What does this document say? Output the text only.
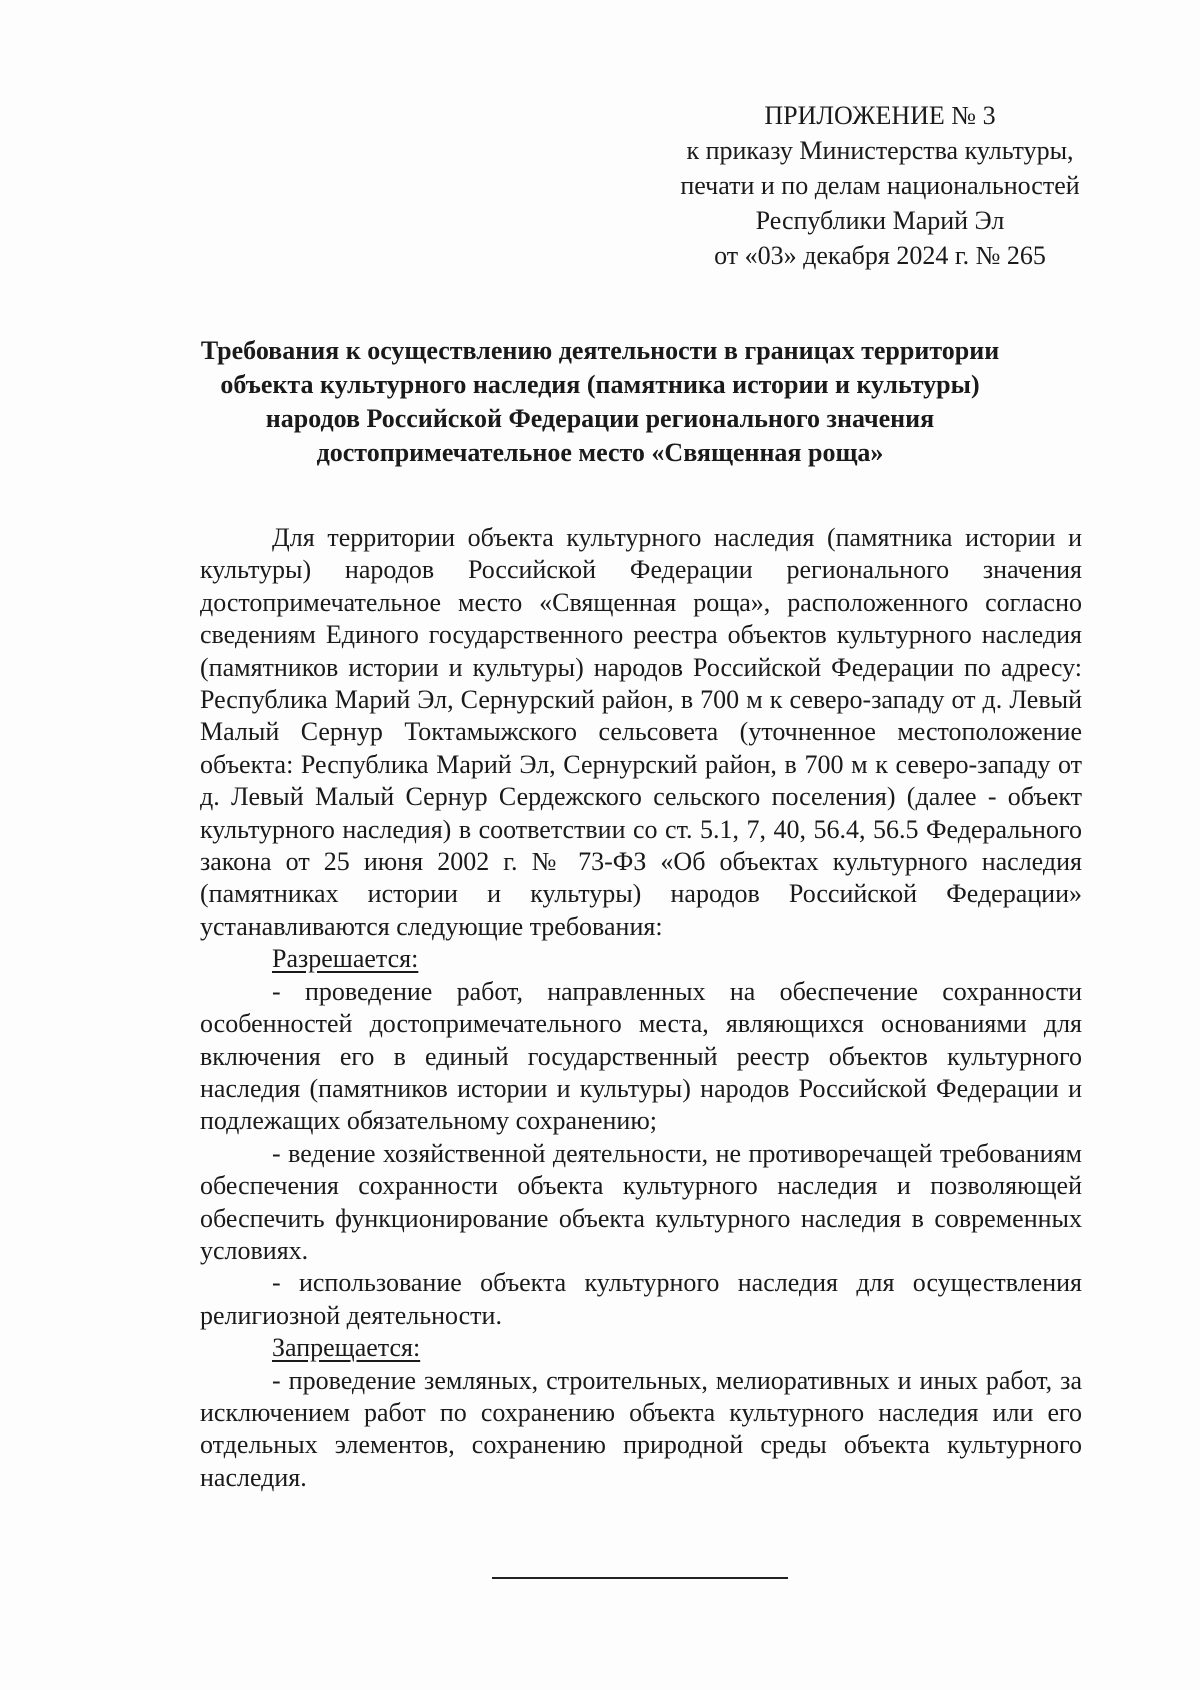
ПРИЛОЖЕНИЕ № 3
к приказу Министерства культуры,
печати и по делам национальностей
Республики Марий Эл
от «03» декабря 2024 г. № 265
Требования к осуществлению деятельности в границах территории
объекта культурного наследия (памятника истории и культуры)
народов Российской Федерации регионального значения
достопримечательное место «Священная роща»

Для территории объекта культурного наследия (памятника истории и культуры) народов Российской Федерации регионального значения достопримечательное место «Священная роща», расположенного согласно сведениям Единого государственного реестра объектов культурного наследия (памятников истории и культуры) народов Российской Федерации по адресу: Республика Марий Эл, Сернурский район, в 700 м к северо-западу от д. Левый Малый Сернур Токтамыжского сельсовета (уточненное местоположение объекта: Республика Марий Эл, Сернурский район, в 700 м к северо-западу от д. Левый Малый Сернур Сердежского сельского поселения) (далее - объект культурного наследия) в соответствии со ст. 5.1, 7, 40, 56.4, 56.5 Федерального закона от 25 июня 2002 г. № 73-ФЗ «Об объектах культурного наследия (памятниках истории и культуры) народов Российской Федерации» устанавливаются следующие требования:

Разрешается:

- проведение работ, направленных на обеспечение сохранности особенностей достопримечательного места, являющихся основаниями для включения его в единый государственный реестр объектов культурного наследия (памятников истории и культуры) народов Российской Федерации и подлежащих обязательному сохранению;

- ведение хозяйственной деятельности, не противоречащей требованиям обеспечения сохранности объекта культурного наследия и позволяющей обеспечить функционирование объекта культурного наследия в современных условиях.

- использование объекта культурного наследия для осуществления религиозной деятельности.

Запрещается:

- проведение земляных, строительных, мелиоративных и иных работ, за исключением работ по сохранению объекта культурного наследия или его отдельных элементов, сохранению природной среды объекта культурного наследия.
